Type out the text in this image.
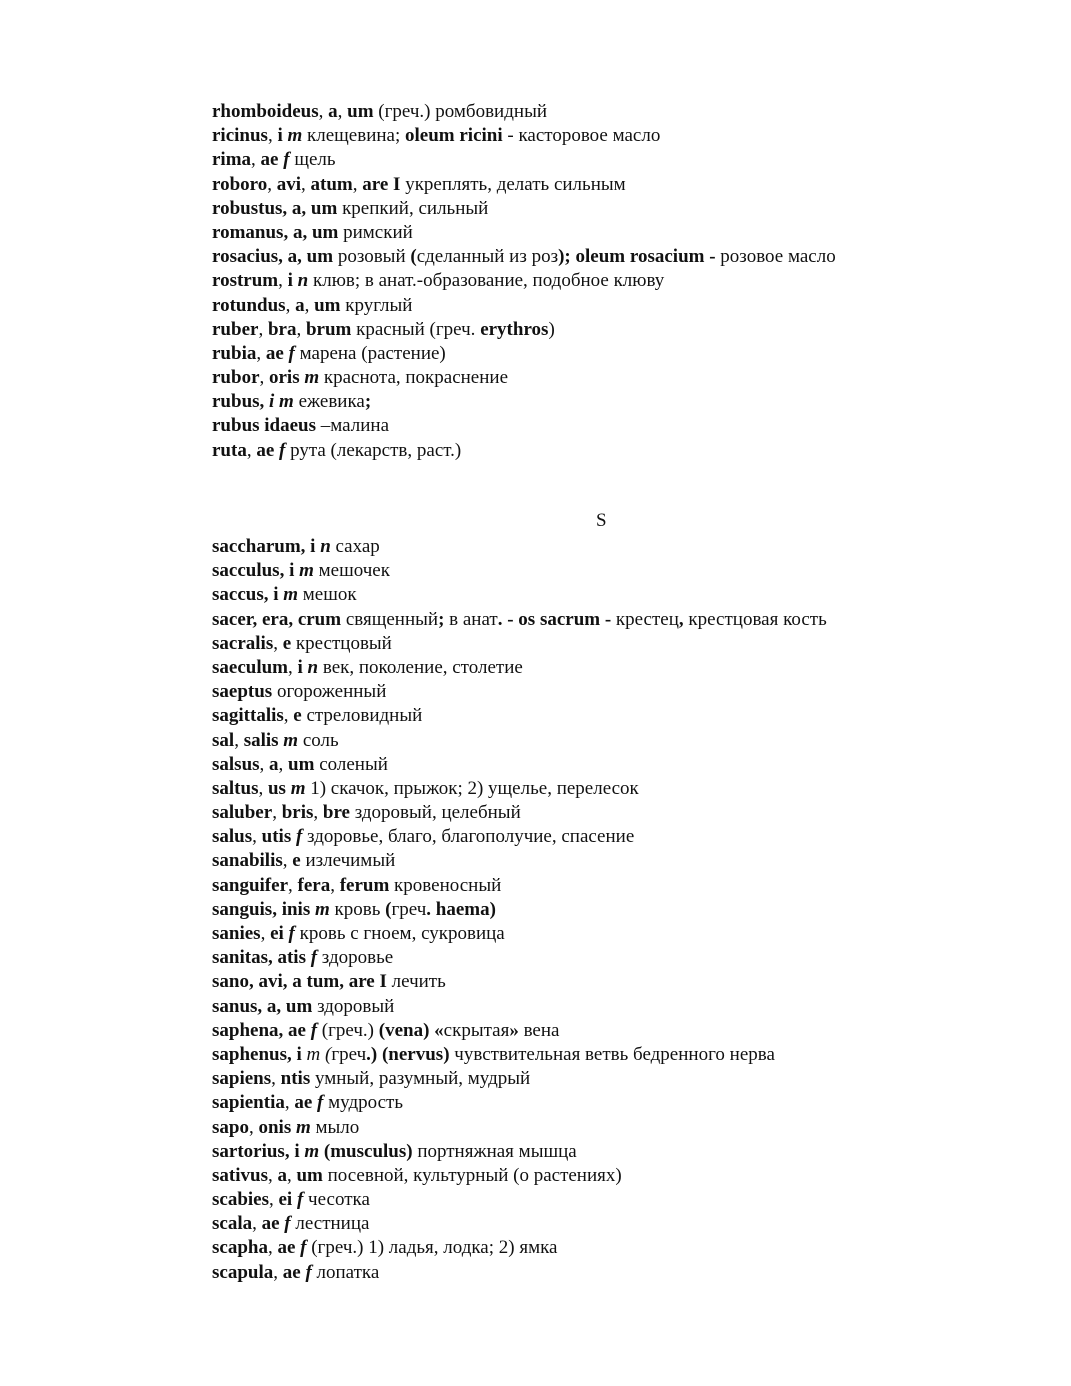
rhomboideus, a, um (греч.) ромбовидный
ricinus, i m клещевина; oleum ricini - касторовое масло
rima, ae f щель
roboro, avi, atum, are I укреплять, делать сильным
robustus, a, um крепкий, сильный
romanus, a, um римский
rosacius, a, um розовый (сделанный из роз); oleum rosacium - розовое масло
rostrum, i n клюв; в анат.-образование, подобное клюву
rotundus, a, um круглый
ruber, bra, brum красный (греч. erythros)
rubia, ae f марена (растение)
rubor, oris m краснота, покраснение
rubus, i m ежевика;
rubus idaeus –малина
ruta, ae f рута (лекарств, раст.)
S
saccharum, i n сахар
sacculus, i m мешочек
saccus, i m мешок
sacer, era, crum священный; в анат. - os sacrum - крестец, крестцовая кость
sacralis, e крестцовый
saeculum, i n век, поколение, столетие
saeptus огороженный
sagittalis, e стреловидный
sal, salis m соль
salsus, a, um соленый
saltus, us m 1) скачок, прыжок; 2) ущелье, перелесок
saluber, bris, bre здоровый, целебный
salus, utis f здоровье, благо, благополучие, спасение
sanabilis, e излечимый
sanguifer, fera, ferum кровеносный
sanguis, inis m кровь (греч. haema)
sanies, ei f кровь с гноем, сукровица
sanitas, atis f здоровье
sano, avi, a tum, are I лечить
sanus, a, um здоровый
saphena, ae f (греч.) (vena) «скрытая» вена
saphenus, i m (греч.) (nervus) чувствительная ветвь бедренного нерва
sapiens, ntis умный, разумный, мудрый
sapientia, ae f мудрость
sapo, onis m мыло
sartorius, i m (musculus) портняжная мышца
sativus, a, um посевной, культурный (о растениях)
scabies, ei f чесотка
scala, ae f лестница
scapha, ae f (греч.) 1) ладья, лодка; 2) ямка
scapula, ae f лопатка
